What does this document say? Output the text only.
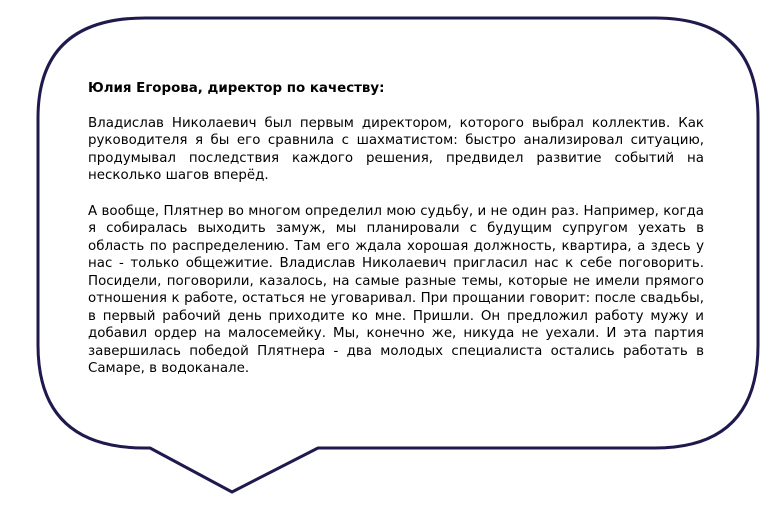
Юлия Егорова, директор по качеству:

Владислав Николаевич был первым директором, которого выбрал коллектив. Как руководителя я бы его сравнила с шахматистом: быстро анализировал ситуацию, продумывал последствия каждого решения, предвидел развитие событий на несколько шагов вперёд.

А вообще, Плятнер во многом определил мою судьбу, и не один раз. Например, когда я собиралась выходить замуж, мы планировали с будущим супругом уехать в область по распределению. Там его ждала хорошая должность, квартира, а здесь у нас - только общежитие. Владислав Николаевич пригласил нас к себе поговорить. Посидели, поговорили, казалось, на самые разные темы, которые не имели прямого отношения к работе, остаться не уговаривал. При прощании говорит: после свадьбы, в первый рабочий день приходите ко мне. Пришли. Он предложил работу мужу и добавил ордер на малосемейку. Мы, конечно же, никуда не уехали. И эта партия завершилась победой Плятнера - два молодых специалиста остались работать в Самаре, в водоканале.
